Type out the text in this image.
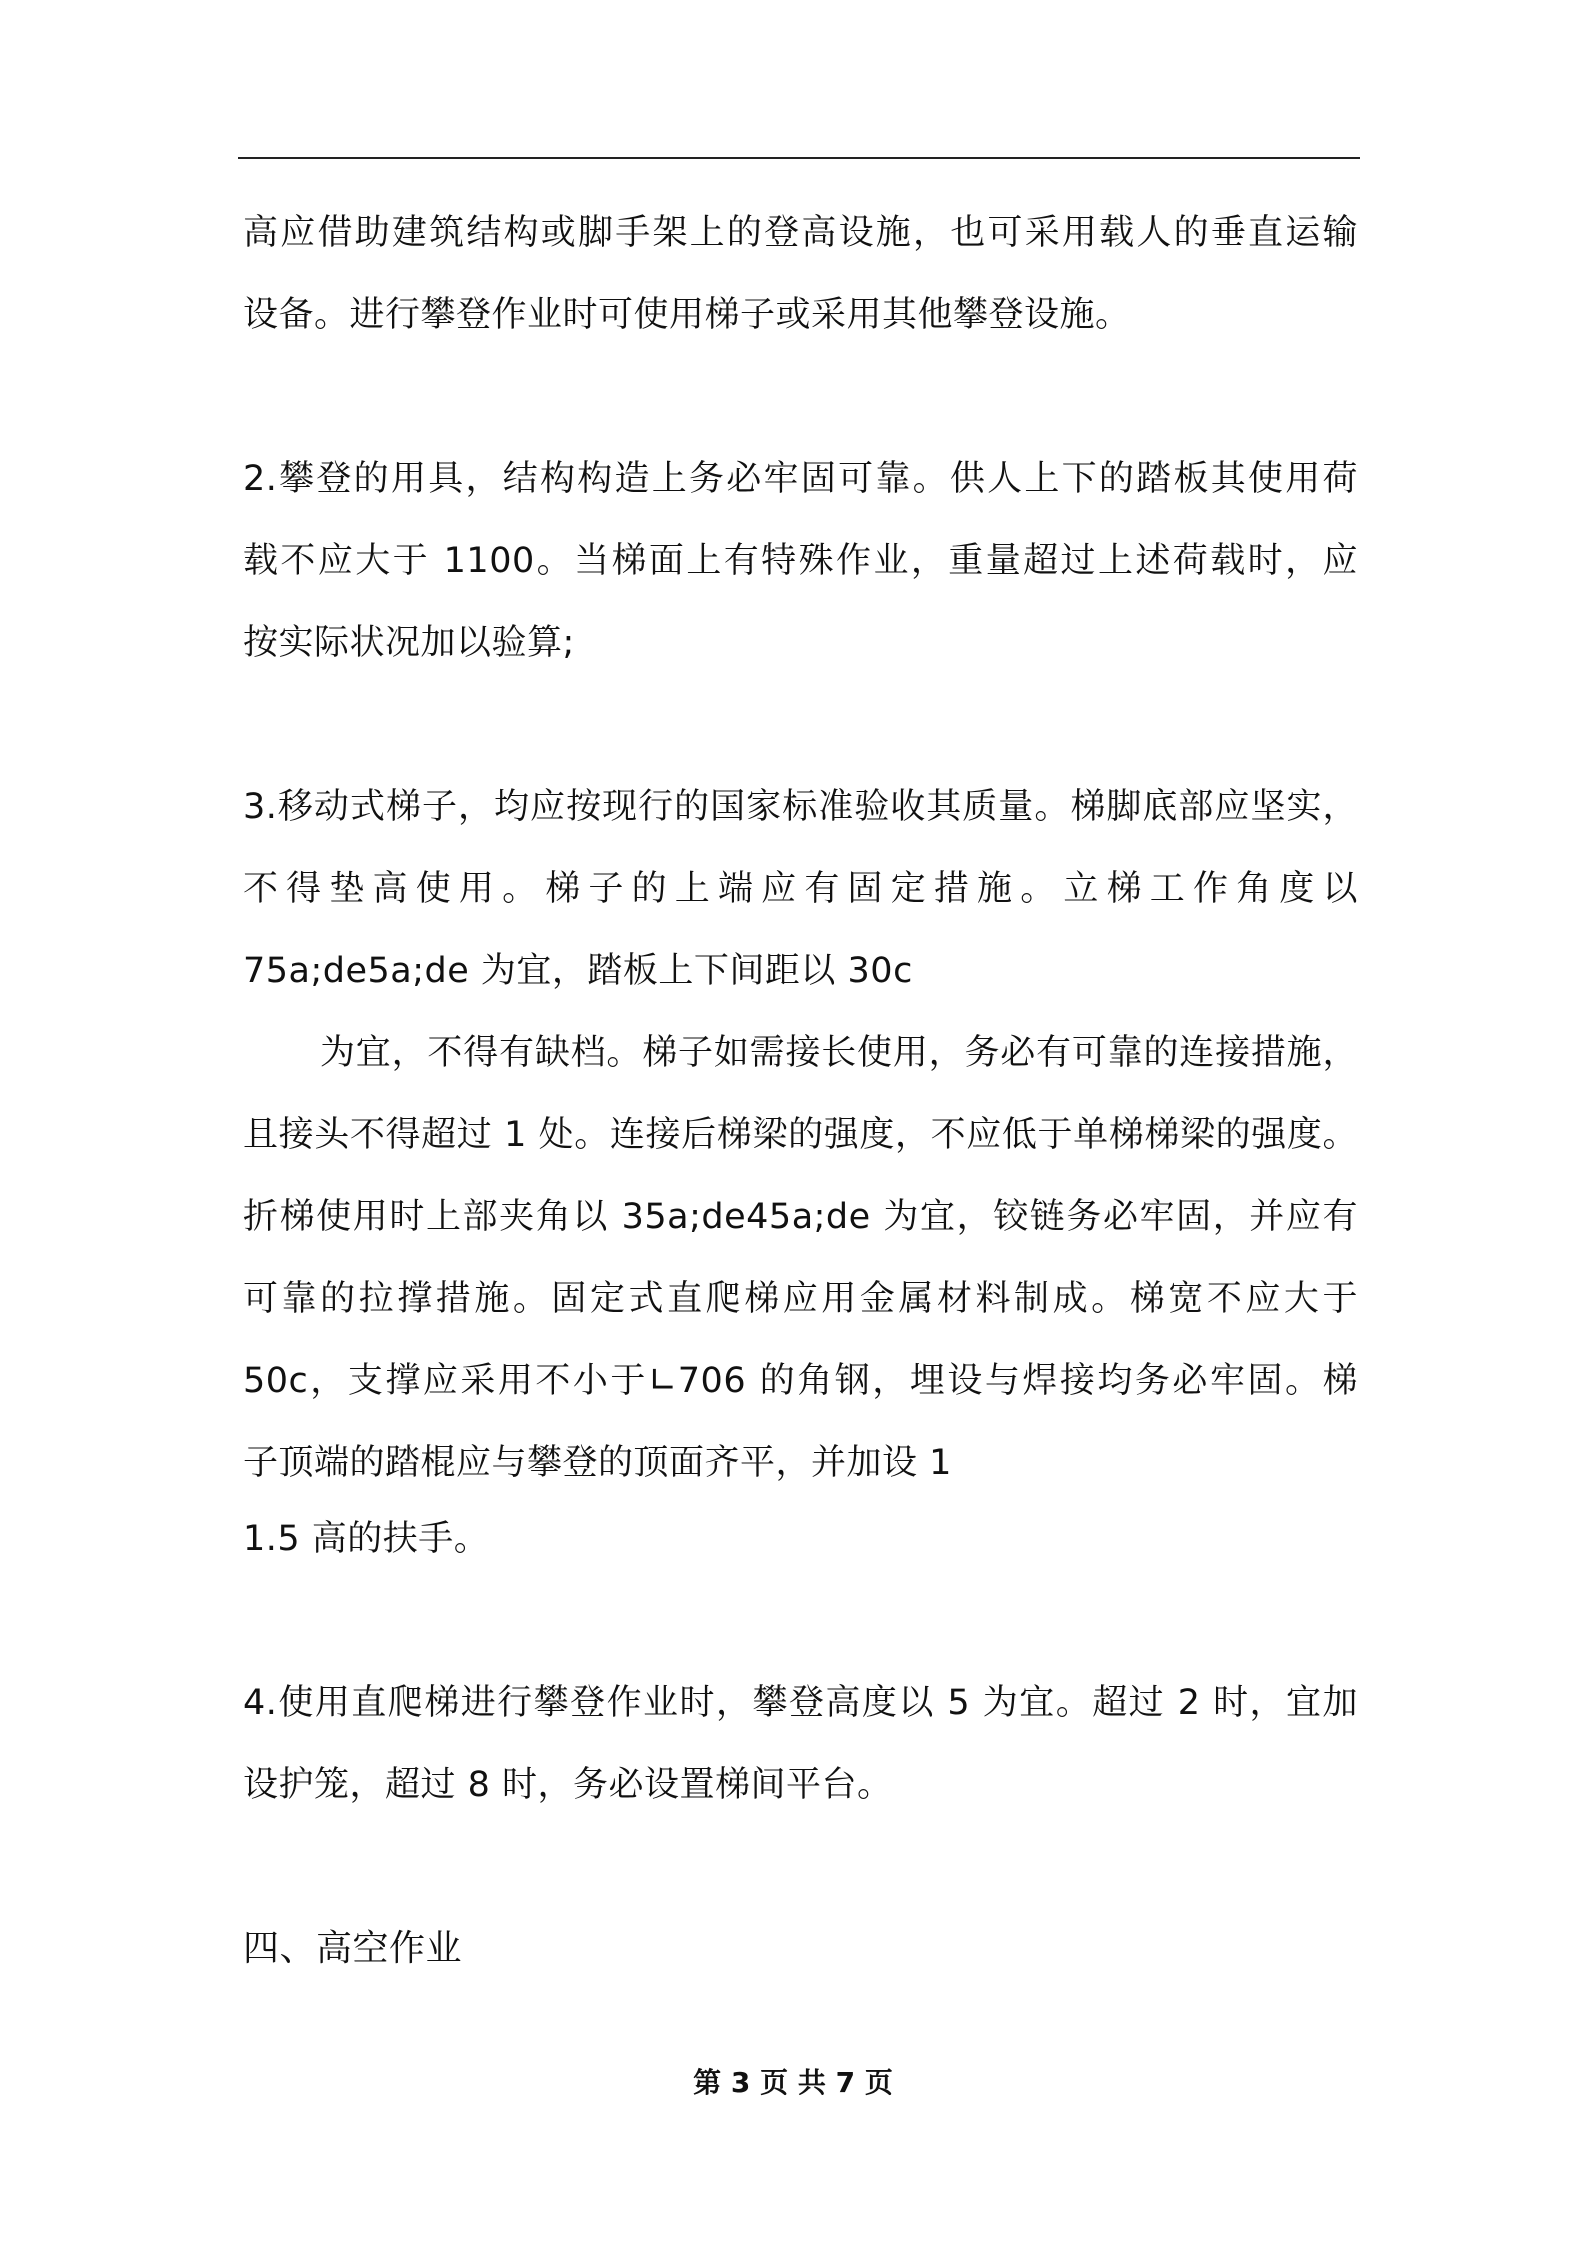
高应借助建筑结构或脚手架上的登高设施，也可采用载人的垂直运输
设备。进行攀登作业时可使用梯子或采用其他攀登设施。
2.攀登的用具，结构构造上务必牢固可靠。供人上下的踏板其使用荷
载不应大于 1100。当梯面上有特殊作业，重量超过上述荷载时，应
按实际状况加以验算;
3.移动式梯子，均应按现行的国家标准验收其质量。梯脚底部应坚实，
不得垫高使用。梯子的上端应有固定措施。立梯工作角度以
75a;de5a;de 为宜，踏板上下间距以 30c
为宜，不得有缺档。梯子如需接长使用，务必有可靠的连接措施，
且接头不得超过 1 处。连接后梯梁的强度，不应低于单梯梯梁的强度。
折梯使用时上部夹角以 35a;de45a;de 为宜，铰链务必牢固，并应有
可靠的拉撑措施。固定式直爬梯应用金属材料制成。梯宽不应大于
50c，支撑应采用不小于∟706 的角钢，埋设与焊接均务必牢固。梯
子顶端的踏棍应与攀登的顶面齐平，并加设 1
1.5 高的扶手。
4.使用直爬梯进行攀登作业时，攀登高度以 5 为宜。超过 2 时，宜加
设护笼，超过 8 时，务必设置梯间平台。
四、高空作业
第 3 页 共 7 页
